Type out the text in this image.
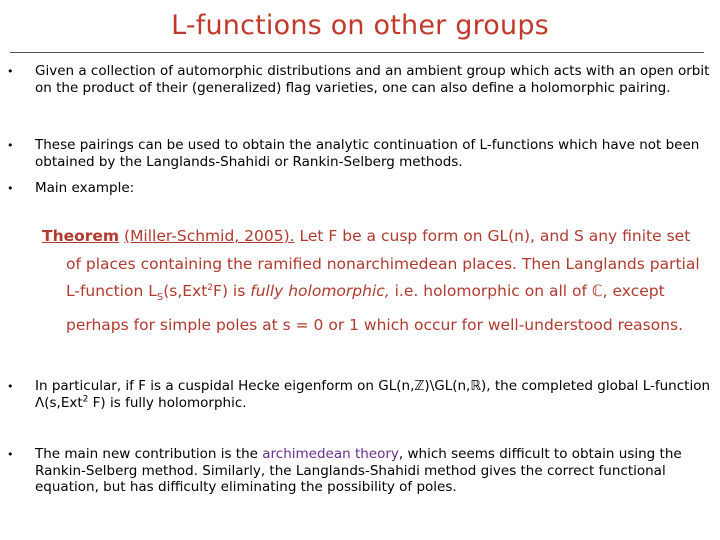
L-functions on other groups
• Given a collection of automorphic distributions and an ambient group which acts with an open orbit on the product of their (generalized) flag varieties, one can also define a holomorphic pairing.
• These pairings can be used to obtain the analytic continuation of L-functions which have not been obtained by the Langlands-Shahidi or Rankin-Selberg methods.
• Main example:
Theorem (Miller-Schmid, 2005). Let F be a cusp form on GL(n), and S any finite set
of places containing the ramified nonarchimedean places. Then Langlands partial L-function $L_S(s,Ext^2F)$ is fully holomorphic, i.e. holomorphic on all of ℂ, except perhaps for simple poles at s = 0 or 1 which occur for well-understood reasons.
• In particular, if F is a cuspidal Hecke eigenform on GL(n,ℤ)\GL(n,ℝ), the completed global L-function Λ(s,Ext$^2$ F) is fully holomorphic.
• The main new contribution is the archimedean theory, which seems difficult to obtain using the Rankin-Selberg method. Similarly, the Langlands-Shahidi method gives the correct functional equation, but has difficulty eliminating the possibility of poles.
